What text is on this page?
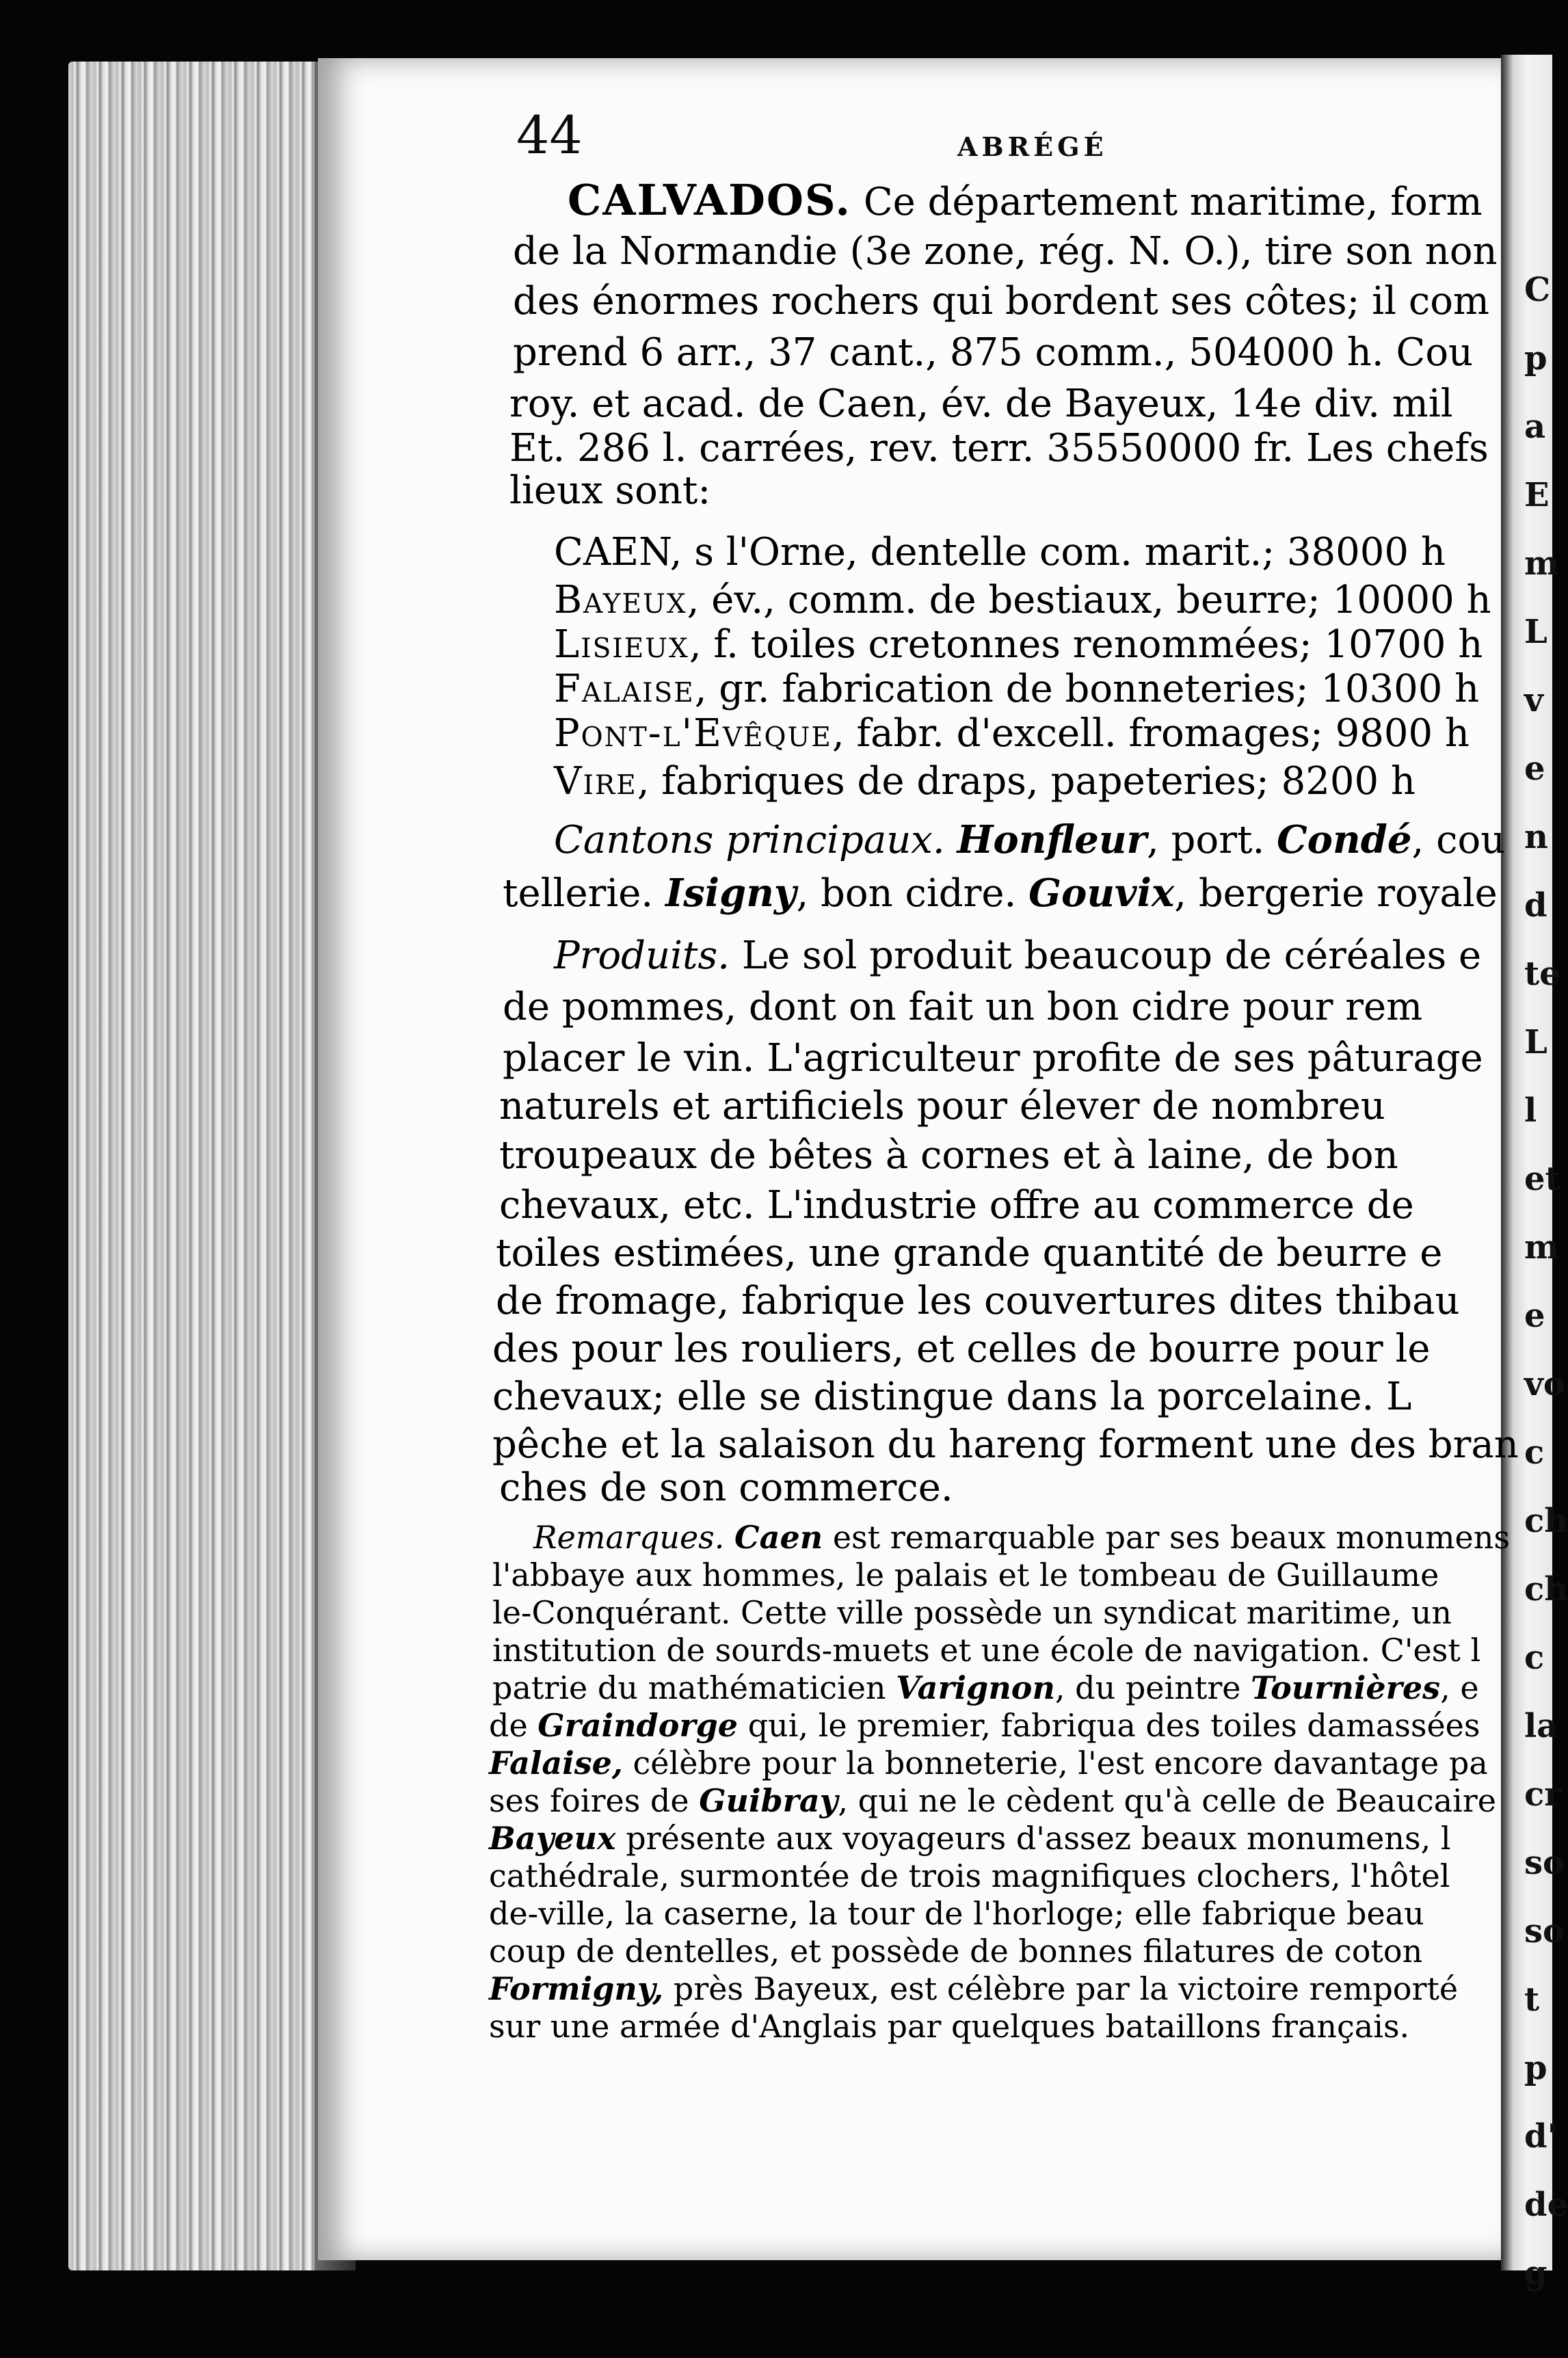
C
p
a
E
m
L
v
e
n
d
te
L
l
et
m
e
vo
c
ch
ch
c
la
cr
so
so
t
p
d'
de
g
44	ABRÉGÉ
CALVADOS. Ce département maritime, form
de la Normandie (3e zone, rég. N. O.), tire son non
des énormes rochers qui bordent ses côtes; il com
prend 6 arr., 37 cant., 875 comm., 504000 h. Cou
roy. et acad. de Caen, év. de Bayeux, 14e div. mil
Et. 286 l. carrées, rev. terr. 35550000 fr. Les chefs
lieux sont:
CAEN, s l'Orne, dentelle com. marit.; 38000 h
Bayeux, év., comm. de bestiaux, beurre; 10000 h
Lisieux, f. toiles cretonnes renommées; 10700 h
Falaise, gr. fabrication de bonneteries; 10300 h
Pont-l'Evêque, fabr. d'excell. fromages; 9800 h
Vire, fabriques de draps, papeteries; 8200 h
Cantons principaux. Honfleur, port. Condé, cou
tellerie. Isigny, bon cidre. Gouvix, bergerie royale
Produits. Le sol produit beaucoup de céréales e
de pommes, dont on fait un bon cidre pour rem
placer le vin. L'agriculteur profite de ses pâturage
naturels et artificiels pour élever de nombreu
troupeaux de bêtes à cornes et à laine, de bon
chevaux, etc. L'industrie offre au commerce de
toiles estimées, une grande quantité de beurre e
de fromage, fabrique les couvertures dites thibau
des pour les rouliers, et celles de bourre pour le
chevaux; elle se distingue dans la porcelaine. L
pêche et la salaison du hareng forment une des bran
ches de son commerce.
Remarques. Caen est remarquable par ses beaux monumens
l'abbaye aux hommes, le palais et le tombeau de Guillaume
le-Conquérant. Cette ville possède un syndicat maritime, un
institution de sourds-muets et une école de navigation. C'est l
patrie du mathématicien Varignon, du peintre Tournières, e
de Graindorge qui, le premier, fabriqua des toiles damassées
Falaise, célèbre pour la bonneterie, l'est encore davantage pa
ses foires de Guibray, qui ne le cèdent qu'à celle de Beaucaire
Bayeux présente aux voyageurs d'assez beaux monumens, l
cathédrale, surmontée de trois magnifiques clochers, l'hôtel
de-ville, la caserne, la tour de l'horloge; elle fabrique beau
coup de dentelles, et possède de bonnes filatures de coton
Formigny, près Bayeux, est célèbre par la victoire remporté
sur une armée d'Anglais par quelques bataillons français.
